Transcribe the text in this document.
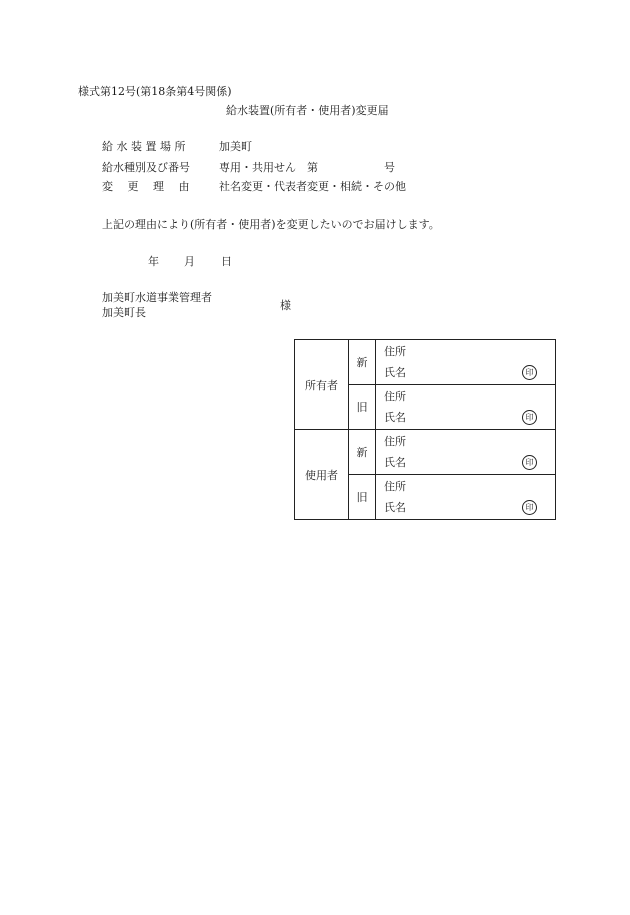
様式第12号(第18条第4号関係)
給水装置(所有者・使用者)変更届
給 水 装 置 場 所	加美町
給水種別及び番号	専用・共用せん　第　　　　　　号
変　 更　 理　 由	社名変更・代表者変更・相続・その他
上記の理由により(所有者・使用者)を変更したいのでお届けします。
年 月 日
加美町水道事業管理者
加美町長
様
所有者	新	住所
氏名 印

	旧	住所
氏名 印

使用者	新	住所
氏名 印

	旧	住所
氏名 印
